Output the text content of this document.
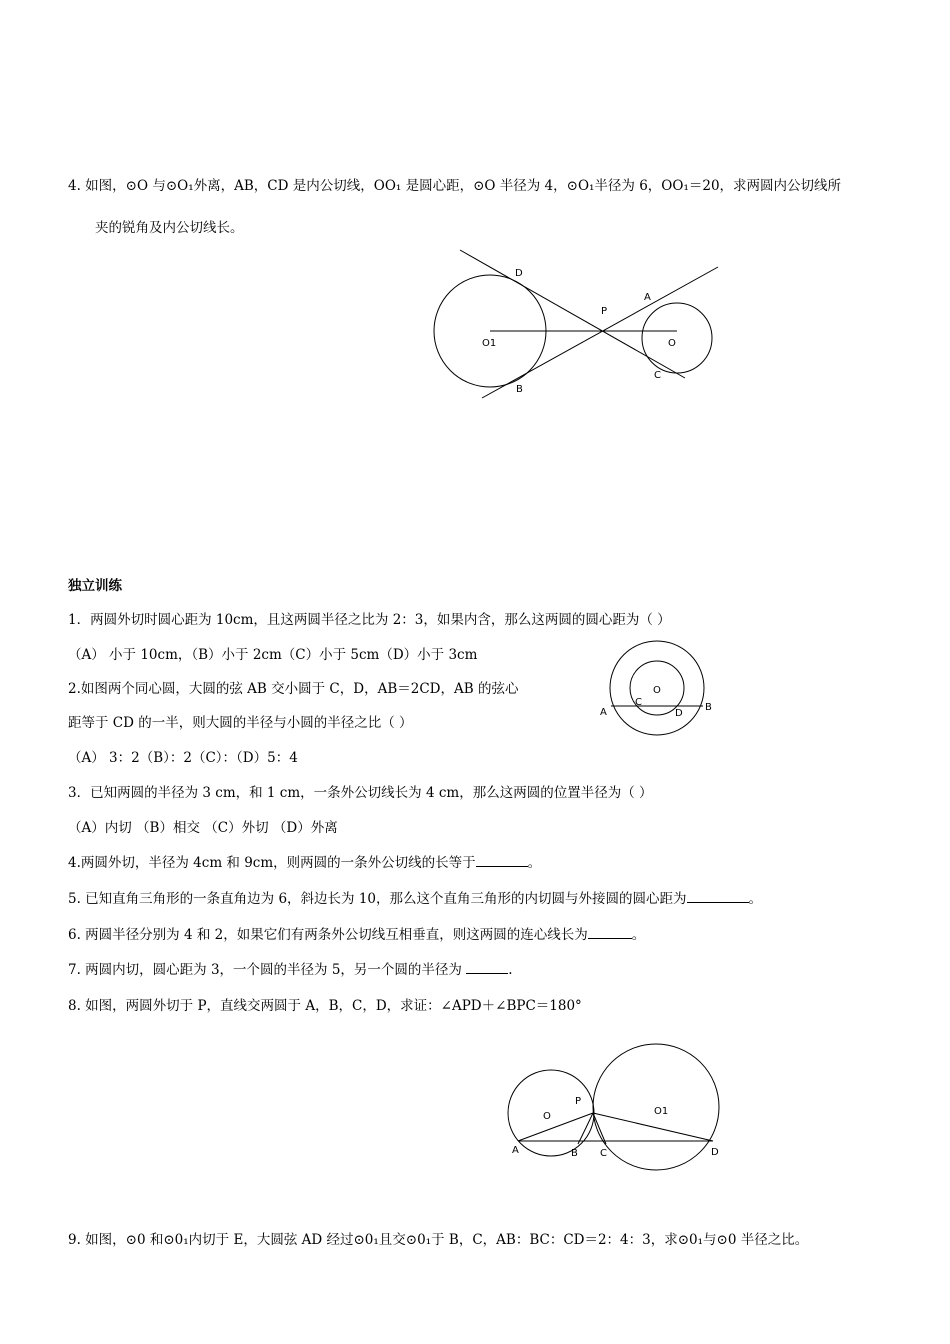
4. 如图，⊙O 与⊙O₁外离，AB，CD 是内公切线，OO₁ 是圆心距，⊙O 半径为 4，⊙O₁半径为 6，OO₁＝20，求两圆内公切线所
夹的锐角及内公切线长。
D
A
P
O1	O
B
C
独立训练
1．两圆外切时圆心距为 10cm，且这两圆半径之比为 2：3，如果内含，那么这两圆的圆心距为（ ）
（A） 小于 10cm，（B）小于 2cm（C）小于 5cm（D）小于 3cm
2.如图两个同心圆，大圆的弦 AB 交小圆于 C，D，AB＝2CD，AB 的弦心
距等于 CD 的一半，则大圆的半径与小圆的半径之比（ ）
（A） 3：2（B）：2（C）：（D）5：4
3．已知两圆的半径为 3 cm，和 1 cm，一条外公切线长为 4 cm，那么这两圆的位置半径为（ ）
（A）内切 （B）相交 （C）外切 （D）外离
O
C
D
A	B
4.两圆外切，半径为 4cm 和 9cm，则两圆的一条外公切线的长等于	。
5. 已知直角三角形的一条直角边为 6，斜边长为 10，那么这个直角三角形的内切圆与外接圆的圆心距为	。
6. 两圆半径分别为 4 和 2，如果它们有两条外公切线互相垂直，则这两圆的连心线长为	。
7. 两圆内切，圆心距为 3，一个圆的半径为 5，另一个圆的半径为	.
8. 如图，两圆外切于 P，直线交两圆于 A，B，C，D，求证：∠APD＋∠BPC＝180°
O
P
O1
A	B C	D
9. 如图，⊙0 和⊙0₁内切于 E，大圆弦 AD 经过⊙0₁且交⊙0₁于 B，C，AB：BC：CD＝2：4：3，求⊙0₁与⊙0 半径之比。
